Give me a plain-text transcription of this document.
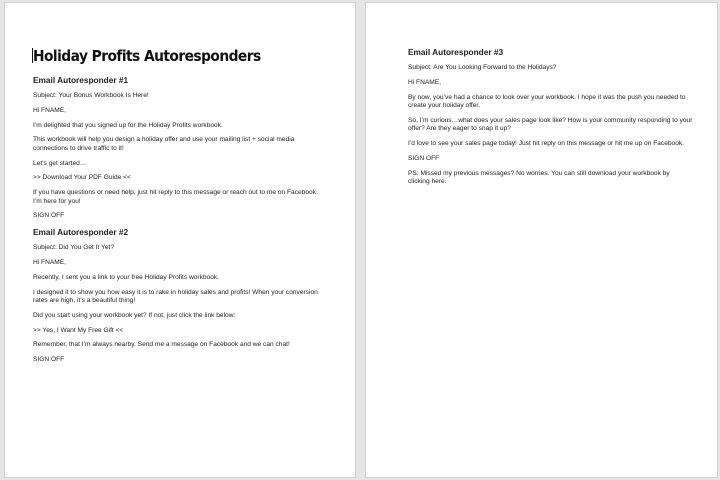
Holiday Profits Autoresponders
Email Autoresponder #1

Subject: Your Bonus Workbook Is Here!

Hi FNAME,

I’m delighted that you signed up for the Holiday Profits workbook.

This workbook will help you design a holiday offer and use your mailing list + social media connections to drive traffic to it!

Let’s get started…

>> Download Your PDF Guide <<

If you have questions or need help, just hit reply to this message or reach out to me on Facebook. I’m here for you!

SIGN OFF

Email Autoresponder #2

Subject: Did You Get It Yet?

Hi FNAME,

Recently, I sent you a link to your free Holiday Profits workbook.

I designed it to show you how easy it is to rake in holiday sales and profits! When your conversion rates are high, it’s a beautiful thing!

Did you start using your workbook yet? If not, just click the link below:

>> Yes, I Want My Free Gift <<

Remember, that I’m always nearby. Send me a message on Facebook and we can chat!

SIGN OFF

Email Autoresponder #3

Subject: Are You Looking Forward to the Holidays?

Hi FNAME,

By now, you’ve had a chance to look over your workbook. I hope it was the push you needed to create your holiday offer.

So, I’m curious…what does your sales page look like? How is your community responding to your offer? Are they eager to snap it up?

I’d love to see your sales page today! Just hit reply on this message or hit me up on Facebook.

SIGN OFF

PS: Missed my previous messages? No worries. You can still download your workbook by clicking here.
